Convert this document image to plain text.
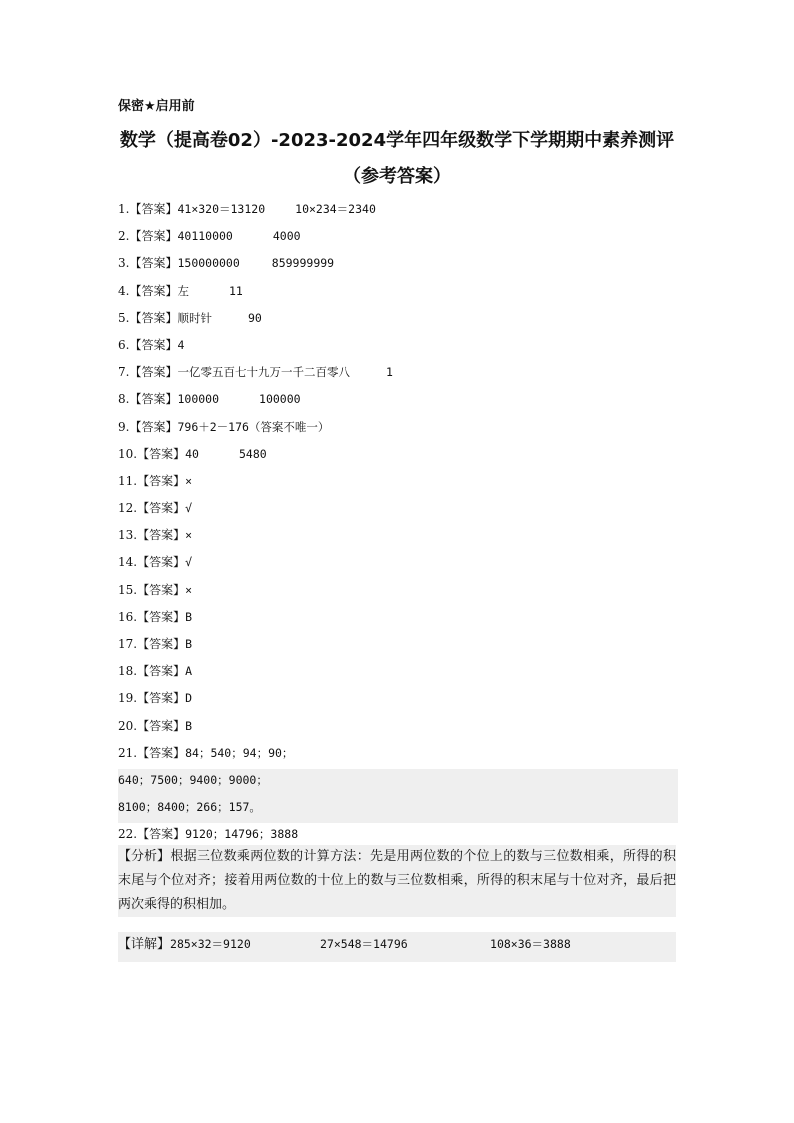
保密★启用前
数学（提高卷02）-2023-2024学年四年级数学下学期期中素养测评
（参考答案）
1. 【答案】 41×320＝13120	10×234＝2340
2. 【答案】 40110000	4000
3. 【答案】 150000000	859999999
4. 【答案】 左	11
5. 【答案】 顺时针	90
6. 【答案】 4
7. 【答案】 一亿零五百七十九万一千二百零八	1
8. 【答案】 100000	100000
9. 【答案】 796＋2－176（答案不唯一）
10. 【答案】 40	5480
11. 【答案】 ×
12. 【答案】 √
13. 【答案】 ×
14. 【答案】 √
15. 【答案】 ×
16. 【答案】 B
17. 【答案】 B
18. 【答案】 A
19. 【答案】 D
20. 【答案】 B
21. 【答案】 84；540；94；90；
640；7500；9400；9000；
8100；8400；266；157。
22. 【答案】 9120；14796；3888

【分析】根据三位数乘两位数的计算方法：先是用两位数的个位上的数与三位数相乘，所得的积末尾与个位对齐；接着用两位数的十位上的数与三位数相乘，所得的积末尾与十位对齐，最后把两次乘得的积相加。

【详解】285×32＝9120	27×548＝14796	108×36＝3888
